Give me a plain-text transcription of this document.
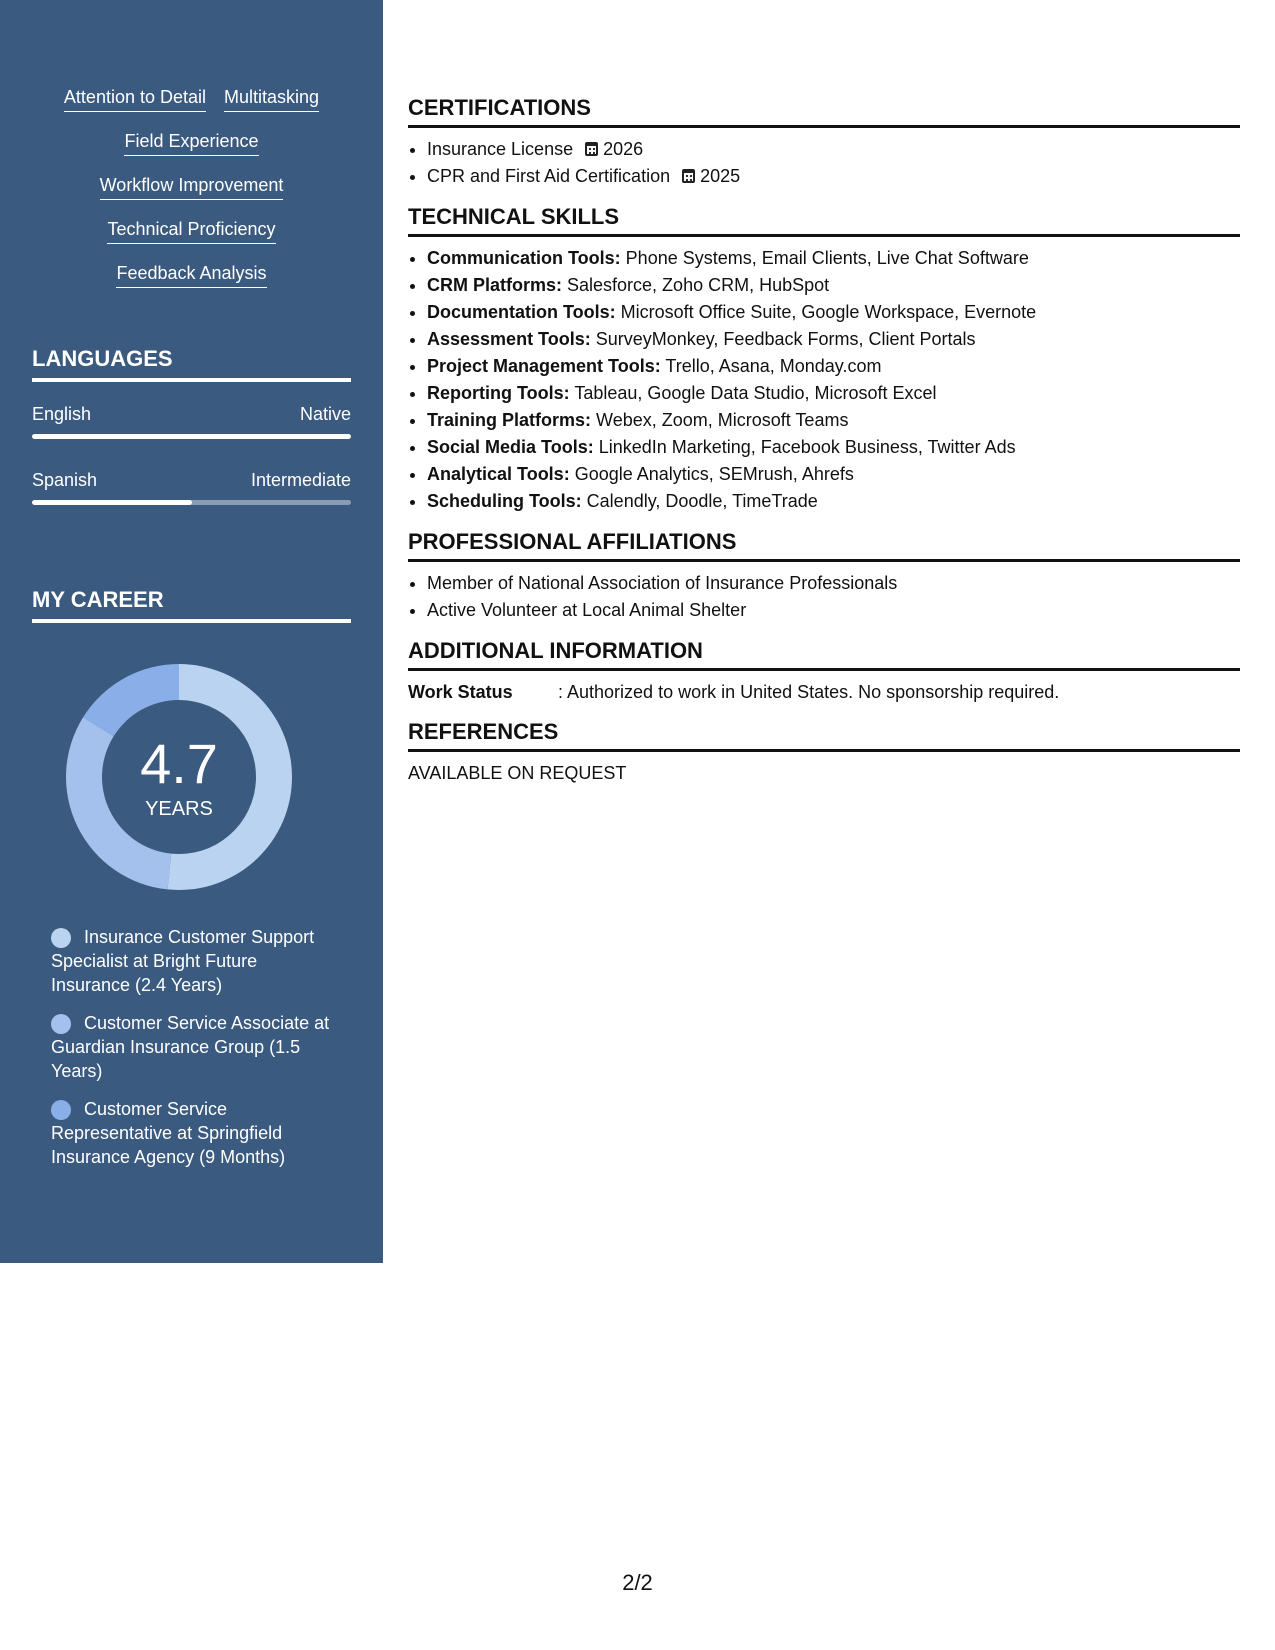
Attention to Detail Multitasking
Field Experience
Workflow Improvement
Technical Proficiency
Feedback Analysis
LANGUAGES
English	Native
Spanish	Intermediate
MY CAREER
4.7
YEARS
Insurance Customer Support Specialist at Bright Future Insurance (2.4 Years)
Customer Service Associate at Guardian Insurance Group (1.5 Years)
Customer Service Representative at Springfield Insurance Agency (9 Months)
CERTIFICATIONS
• Insurance License 2026
• CPR and First Aid Certification 2025
TECHNICAL SKILLS
• Communication Tools: Phone Systems, Email Clients, Live Chat Software
• CRM Platforms: Salesforce, Zoho CRM, HubSpot
• Documentation Tools: Microsoft Office Suite, Google Workspace, Evernote
• Assessment Tools: SurveyMonkey, Feedback Forms, Client Portals
• Project Management Tools: Trello, Asana, Monday.com
• Reporting Tools: Tableau, Google Data Studio, Microsoft Excel
• Training Platforms: Webex, Zoom, Microsoft Teams
• Social Media Tools: LinkedIn Marketing, Facebook Business, Twitter Ads
• Analytical Tools: Google Analytics, SEMrush, Ahrefs
• Scheduling Tools: Calendly, Doodle, TimeTrade
PROFESSIONAL AFFILIATIONS
• Member of National Association of Insurance Professionals
• Active Volunteer at Local Animal Shelter
ADDITIONAL INFORMATION
Work Status	: Authorized to work in United States. No sponsorship required.
REFERENCES
AVAILABLE ON REQUEST
2/2
